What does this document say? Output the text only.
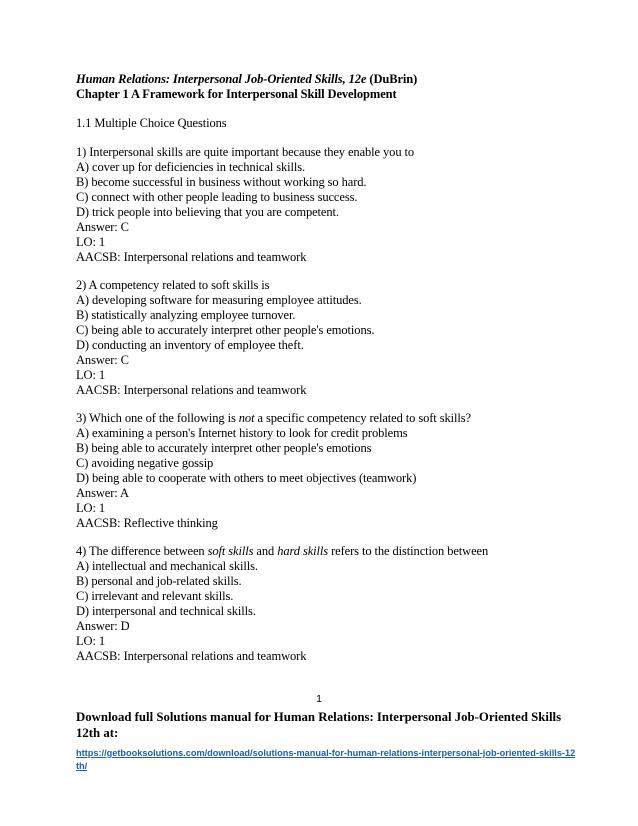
Human Relations: Interpersonal Job-Oriented Skills, 12e (DuBrin)
Chapter 1 A Framework for Interpersonal Skill Development
1.1 Multiple Choice Questions
1) Interpersonal skills are quite important because they enable you to
A) cover up for deficiencies in technical skills.
B) become successful in business without working so hard.
C) connect with other people leading to business success.
D) trick people into believing that you are competent.
Answer: C
LO: 1
AACSB: Interpersonal relations and teamwork
2) A competency related to soft skills is
A) developing software for measuring employee attitudes.
B) statistically analyzing employee turnover.
C) being able to accurately interpret other people's emotions.
D) conducting an inventory of employee theft.
Answer: C
LO: 1
AACSB: Interpersonal relations and teamwork
3) Which one of the following is not a specific competency related to soft skills?
A) examining a person's Internet history to look for credit problems
B) being able to accurately interpret other people's emotions
C) avoiding negative gossip
D) being able to cooperate with others to meet objectives (teamwork)
Answer: A
LO: 1
AACSB: Reflective thinking
4) The difference between soft skills and hard skills refers to the distinction between
A) intellectual and mechanical skills.
B) personal and job-related skills.
C) irrelevant and relevant skills.
D) interpersonal and technical skills.
Answer: D
LO: 1
AACSB: Interpersonal relations and teamwork
1
Download full Solutions manual for Human Relations: Interpersonal Job-Oriented Skills 12th at:
https://getbooksolutions.com/download/solutions-manual-for-human-relations-interpersonal-job-oriented-skills-12th/
